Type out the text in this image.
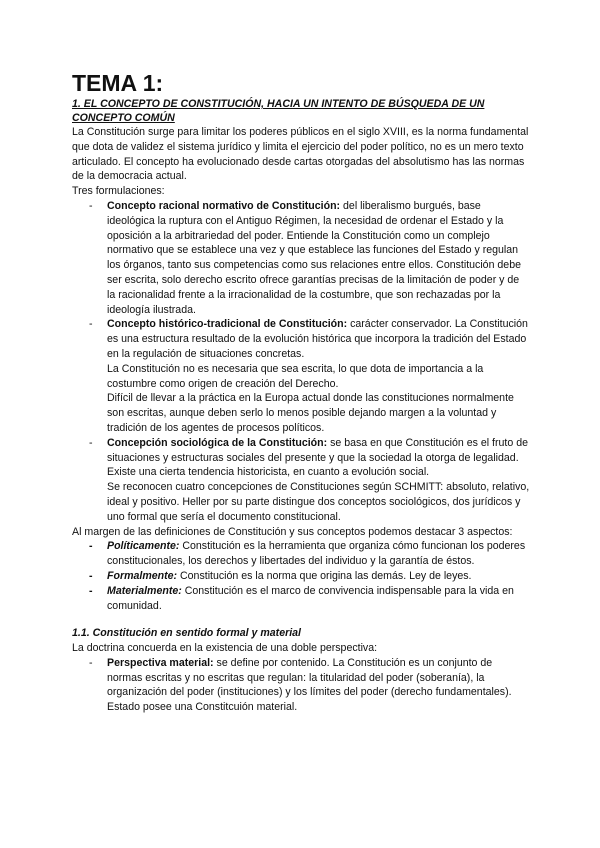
TEMA 1:
1. EL CONCEPTO DE CONSTITUCIÓN, HACIA UN INTENTO DE BÚSQUEDA DE UN CONCEPTO COMÚN

La Constitución surge para limitar los poderes públicos en el siglo XVIII, es la norma fundamental que dota de validez el sistema jurídico y limita el ejercicio del poder político, no es un mero texto articulado. El concepto ha evolucionado desde cartas otorgadas del absolutismo has las normas de la democracia actual.

Tres formulaciones:

- Concepto racional normativo de Constitución: del liberalismo burgués, base ideológica la ruptura con el Antiguo Régimen, la necesidad de ordenar el Estado y la oposición a la arbitrariedad del poder. Entiende la Constitución como un complejo normativo que se establece una vez y que establece las funciones del Estado y regulan los órganos, tanto sus competencias como sus relaciones entre ellos. Constitución debe ser escrita, solo derecho escrito ofrece garantías precisas de la limitación de poder y de la racionalidad frente a la irracionalidad de la costumbre, que son rechazadas por la ideología ilustrada.

- Concepto histórico-tradicional de Constitución: carácter conservador. La Constitución es una estructura resultado de la evolución histórica que incorpora la tradición del Estado en la regulación de situaciones concretas.

La Constitución no es necesaria que sea escrita, lo que dota de importancia a la costumbre como origen de creación del Derecho.

Difícil de llevar a la práctica en la Europa actual donde las constituciones normalmente son escritas, aunque deben serlo lo menos posible dejando margen a la voluntad y tradición de los agentes de procesos políticos.

- Concepción sociológica de la Constitución: se basa en que Constitución es el fruto de situaciones y estructuras sociales del presente y que la sociedad la otorga de legalidad.

Existe una cierta tendencia historicista, en cuanto a evolución social.

Se reconocen cuatro concepciones de Constituciones según SCHMITT: absoluto, relativo, ideal y positivo. Heller por su parte distingue dos conceptos sociológicos, dos jurídicos y uno formal que sería el documento constitucional.

Al margen de las definiciones de Constitución y sus conceptos podemos destacar 3 aspectos:

- Políticamente: Constitución es la herramienta que organiza cómo funcionan los poderes constitucionales, los derechos y libertades del individuo y la garantía de éstos.

- Formalmente: Constitución es la norma que origina las demás. Ley de leyes.

- Materialmente: Constitución es el marco de convivencia indispensable para la vida en comunidad.

1.1. Constitución en sentido formal y material

La doctrina concuerda en la existencia de una doble perspectiva:

- Perspectiva material: se define por contenido. La Constitución es un conjunto de normas escritas y no escritas que regulan: la titularidad del poder (soberanía), la organización del poder (instituciones) y los límites del poder (derecho fundamentales). Estado posee una Constitcuión material.
